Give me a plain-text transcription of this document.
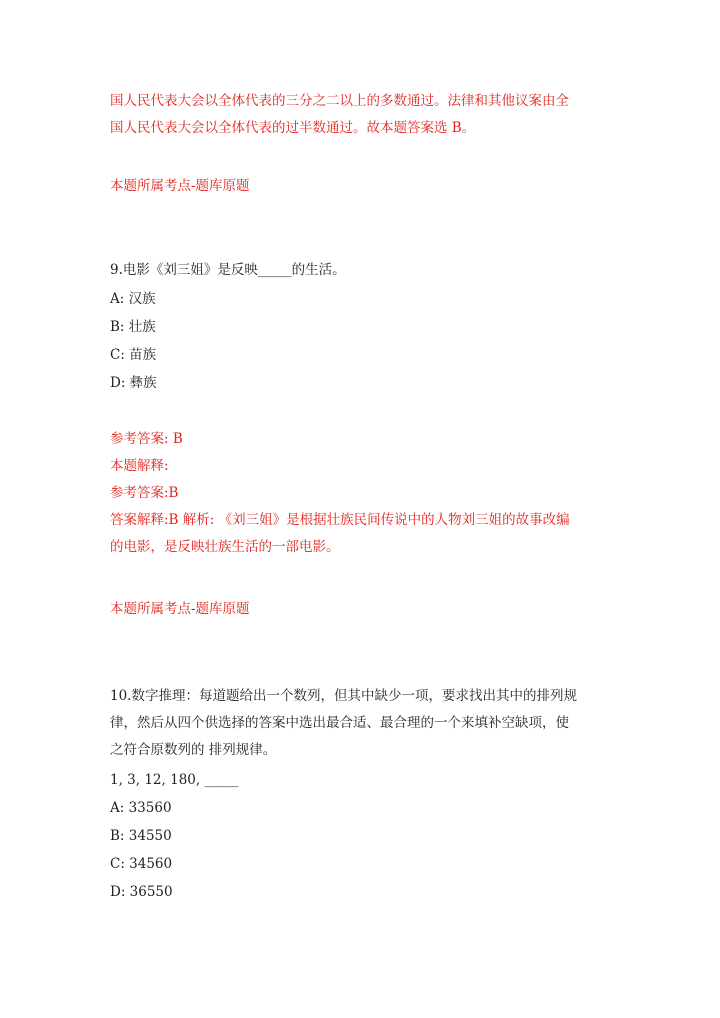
国人民代表大会以全体代表的三分之二以上的多数通过。法律和其他议案由全
国人民代表大会以全体代表的过半数通过。故本题答案选 B。
本题所属考点-题库原题
9.电影《刘三姐》是反映_____的生活。
A: 汉族
B: 壮族
C: 苗族
D: 彝族
参考答案: B
本题解释:
参考答案:B
答案解释:B 解析: 《刘三姐》是根据壮族民间传说中的人物刘三姐的故事改编
的电影，是反映壮族生活的一部电影。
本题所属考点-题库原题
10.数字推理：每道题给出一个数列，但其中缺少一项，要求找出其中的排列规
律，然后从四个供选择的答案中选出最合适、最合理的一个来填补空缺项，使
之符合原数列的 排列规律。
1, 3, 12, 180, _____
A: 33560
B: 34550
C: 34560
D: 36550
